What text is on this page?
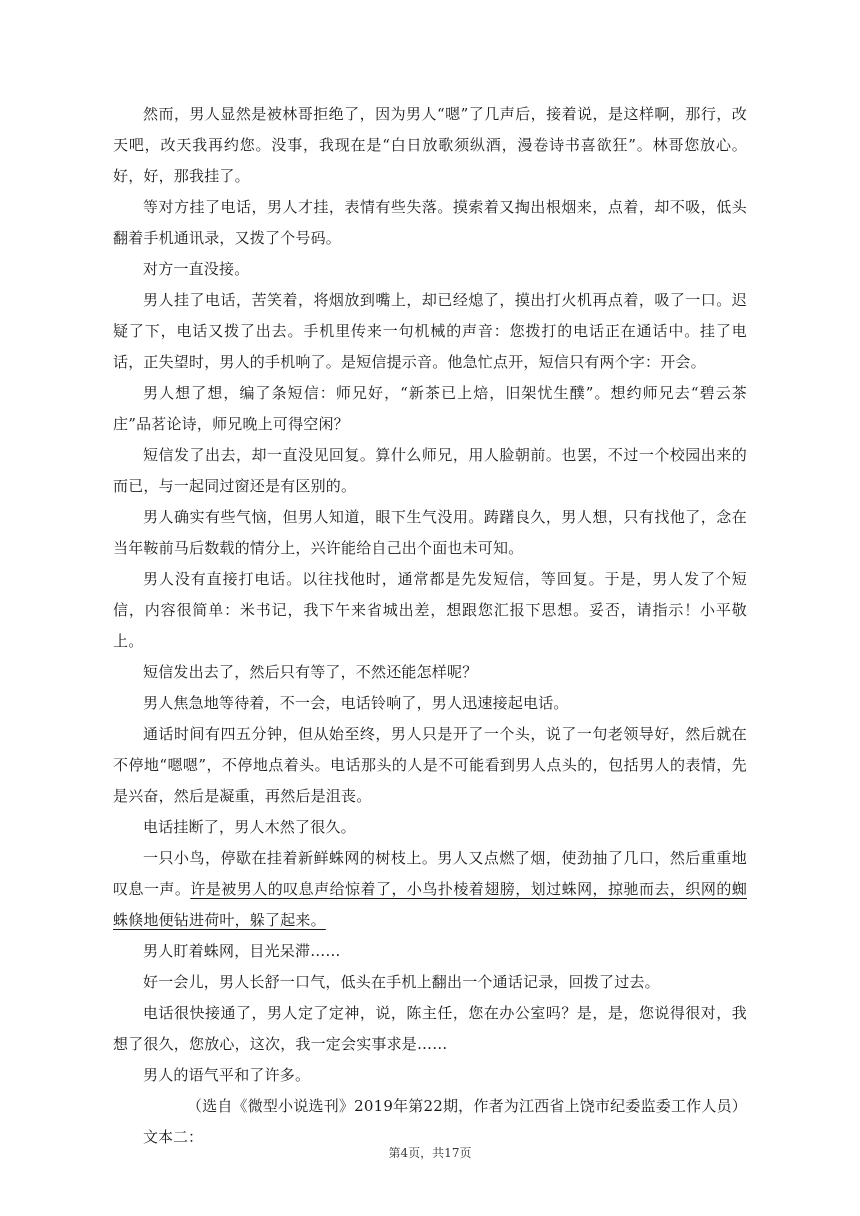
然而，男人显然是被林哥拒绝了，因为男人“嗯”了几声后，接着说，是这样啊，那行，改天吧，改天我再约您。没事，我现在是“白日放歌须纵酒，漫卷诗书喜欲狂”。林哥您放心。好，好，那我挂了。

等对方挂了电话，男人才挂，表情有些失落。摸索着又掏出根烟来，点着，却不吸，低头翻着手机通讯录，又拨了个号码。

对方一直没接。

男人挂了电话，苦笑着，将烟放到嘴上，却已经熄了，摸出打火机再点着，吸了一口。迟疑了下，电话又拨了出去。手机里传来一句机械的声音：您拨打的电话正在通话中。挂了电话，正失望时，男人的手机响了。是短信提示音。他急忙点开，短信只有两个字：开会。

男人想了想，编了条短信：师兄好，“新茶已上焙，旧架忧生醭”。想约师兄去“碧云茶庄”品茗论诗，师兄晚上可得空闲？

短信发了出去，却一直没见回复。算什么师兄，用人脸朝前。也罢，不过一个校园出来的而已，与一起同过窗还是有区别的。

男人确实有些气恼，但男人知道，眼下生气没用。踌躇良久，男人想，只有找他了，念在当年鞍前马后数载的情分上，兴许能给自己出个面也未可知。

男人没有直接打电话。以往找他时，通常都是先发短信，等回复。于是，男人发了个短信，内容很简单：米书记，我下午来省城出差，想跟您汇报下思想。妥否，请指示！小平敬上。

短信发出去了，然后只有等了，不然还能怎样呢？

男人焦急地等待着，不一会，电话铃响了，男人迅速接起电话。

通话时间有四五分钟，但从始至终，男人只是开了一个头，说了一句老领导好，然后就在不停地“嗯嗯”，不停地点着头。电话那头的人是不可能看到男人点头的，包括男人的表情，先是兴奋，然后是凝重，再然后是沮丧。

电话挂断了，男人木然了很久。

一只小鸟，停歇在挂着新鲜蛛网的树枝上。男人又点燃了烟，使劲抽了几口，然后重重地叹息一声。许是被男人的叹息声给惊着了，小鸟扑棱着翅膀，划过蛛网，掠驰而去，织网的蜘蛛倏地便钻进荷叶，躲了起来。

男人盯着蛛网，目光呆滞……

好一会儿，男人长舒一口气，低头在手机上翻出一个通话记录，回拨了过去。

电话很快接通了，男人定了定神，说，陈主任，您在办公室吗？是，是，您说得很对，我想了很久，您放心，这次，我一定会实事求是……

男人的语气平和了许多。

（选自《微型小说选刊》2019年第22期，作者为江西省上饶市纪委监委工作人员）

文本二：

第4页，共17页
